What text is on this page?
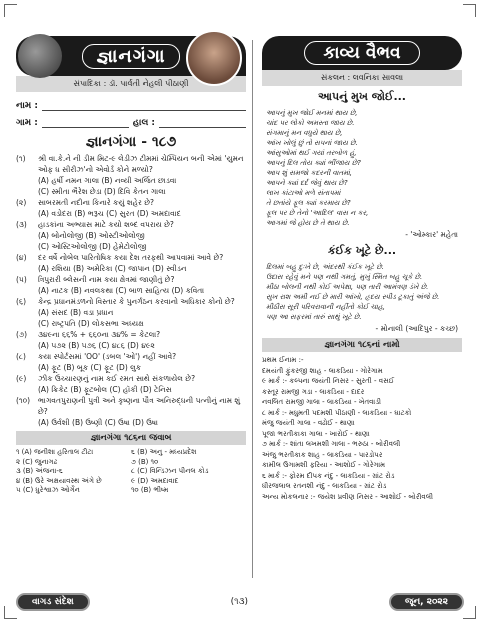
જ્ઞાનગંગા
સંપાદિકા : ડૉ. પાર્વતી નેહલી પીઠાણી
નામ :
ગામ :	હાલ :
જ્ઞાનગંગા - ૧૮૭
(૧)	શ્રી વા.કે.ને ની ડીમ મિટ-૯ લેડીઝ ટીમમાં ચેમ્પિયન બની એમાં 'યુમન ઓફ ધ સીરીઝ'નો એવોર્ડ કોને મળ્યો?
(A) હર્ષી નમન ગાલા (B) નવ્યી અર્જિત છાડવા
(C) સ્મીતા ભૈરેશ છેડા (D) દિવિ કેતન ગાલા
(૨)	સાબરમતી નદીના કિનારે કયું શહેર છે?
(A) વડોદરા (B) ભરૂચ (C) સુરત (D) અમદાવાદ
(૩)	હાડકાંના અભ્યાસ માટે કયો શબ્દ વપરાય છે?
(A) બોનોલોજી (B) ઓસ્ટીઓલોજી
(C) ઓસ્ટિઓલોજી (D) હેમેટોલોજી
(૪)	દર વર્ષે નોબેલ પારિતોષિક કયા દેશ તરફથી આપવામાં આવે છે?
(A) રશિયા (B) અમેરિકા (C) જાપાન (D) સ્વીડન
(૫)	ત્રિપુરારી બ્લેસની નામ કયા ક્ષેત્રમાં જાણીતું છે?
(A) નાટક (B) નવલકથા (C) બાળ સાહિત્ય (D) કવિતા
(૬)	કેન્દ્ર પ્રધાનમંડળનો વિસ્તાર કે પુનર્ગઠન કરવાનો અધિકાર કોનો છે?
(A) સંસદ (B) વડા પ્રધાન
(C) રાષ્ટ્રપતિ (D) લોકસભા અધ્યક્ષ
(૭)	૩૪૯ના ૬૬% + ૬૬૦ના ૩૪% = કેટલા?
(A) ૫૭૨ (B) ૫૭૬ (C) ૪૮૬ (D) ૪૯૨
(૮)	કયા સ્પોર્ટસમાં 'OO' (ડબલ 'ઓ') નહીં આવે?
(A) ફૂટ (B) બૂક (C) ફૂટ (D) લુક
(૯)	ઝીક ઉચ્ચારણનું નામ કઈ રમત સાથે સંકળાયેલ છે?
(A) ક્રિકેટ (B) ફૂટબોલ (C) હૉકી (D) ટેનિસ
(૧૦)	ભાગવતપુરાણની પુત્રી અને કૃષ્ણના પૌત્ર અનિરુદ્ધની પત્નીનું નામ શું છે?
(A) ઉર્વશી (B) ઉષ્ણી (C) ઉષા (D) ઉષા
જ્ઞાનગંગા ૧૮૬ના જવાબ
૧ (A) જનીશા હરિતાલ ટીટા	૬ (B) અનુ - મધ્યપ્રદેશ
૨ (C) જુનાગઢ	૭ (B) ૧૦
૩ (B) અંજના-૬	૮ (C) વિન્ડિઝન પીનલ કોડ
૪ (B) ઉરે અક્ષયાવસ્થ અંગે છે	૯ (D) અમદાવાદ
૫ (C) ધુરેશ્વાઝ ઓર્ગેન	૧૦ (B) ભીષ્મ
કાવ્ય વૈભવ
સંકલન : લવનિકા સાવલા
આપનું મુખ જોઈ...
આપનું મુખ જોઈ મનમાં થાય છે,
ચાંદ પર લોકો અમસ્તા જાય છે.
સંગમાનું મન વધુયે થાય છે,
આંખ ખોલું છું તો સપનાં જાય છે.
આંસુઓમાં થઈ ગયાં તરબોળ હું,
આપનું દિલ તોય ક્યાં ભીંજાય છે?
આપ શું સમજો કદરની વાતમાં,
આપને ક્યાં દર્દ જેવું થાય છે?
લાખ કાંટાઓ મળે સંતાપમાં
તે છતાંયે ફૂલ ક્યાં કરમાય છે?
ફૂલ પર છે તેનો 'આદિલ' વાસ ન કર,
આગમાં જે હોય છે તે થાય છે.
- 'ઓમ્કાર' મહેતા
કંઈક ખૂટે છે...
દિલમાં બહુ દુઃખે છે, અંદરથી કંઈક ખૂટે છે.
ઉદાસ રહેવું મને પણ નથી ગમતું, મુખું સ્મિત બહુ ચૂકે છે.
મીઠા બોલની નથી કોઈ અપેક્ષા, પણ તારી આમંત્રણ ડંખે છે.
સુખ રાશ અમી નઈ છે મારી આંખો, હૃદય સ્પીડ ટૂકાતું અંજે છે.
મીઠીસ સૂરી પરિવરાવાની નહીંતો કોઈ ચાહ,
પણ આ સફરમાં તારું સાથું ખૂટે છે.
- મોનાલી (આદિપુર - કચ્છ)
જ્ઞાનગંગા ૧૮૬નાં નામો
પ્રથમ ઈનામ :-
દમયંતી ફુંકરજી શાહ - લાકડિયા - ગોરેગામ
૯ માર્ક :- કલ્પના જયંતી નિસર - સુરતી - વસઈ
કસ્તૂર રામજી ગડા - લાકડિયા - દાદર
નવલિત રામજી ગાલા - લાકડિયા - ખેતવાડી
૮ માર્ક :- મધુમતી પદમશી પીઠાણી - લાકડિયા - ઘાટકો
મંજુ જયંતી ગાલા - વઢોઈ - થાણા
પૂજા ભરતીકાકા ગાલા - ખારોઈ - થાણા
૭ માર્ક :- શાંતા લખમશી ગાલા - ભરુઠા - બોરીવલી
અંજુ ભરતીકાક શાહ - લાકડિયા - પારડોપર
કામીલ ઉગામશી ફરિયા - આશોઈ - ગોરેગામ
૬ માર્ક :- ફોરમ દીપક નંદુ - લાકડિયા - ગ્રાંટ રોડ
ધીરજલાલ રતનશી નંદુ - લાકડિયા - ગ્રાંટ રોડ
અન્ય મોકલનાર :- જયેશ પ્રવીણ નિસર - આશોઈ - બોરીવલી
વાગડ સંદેશ	(૧૩)	જૂન, ૨૦૨૨
